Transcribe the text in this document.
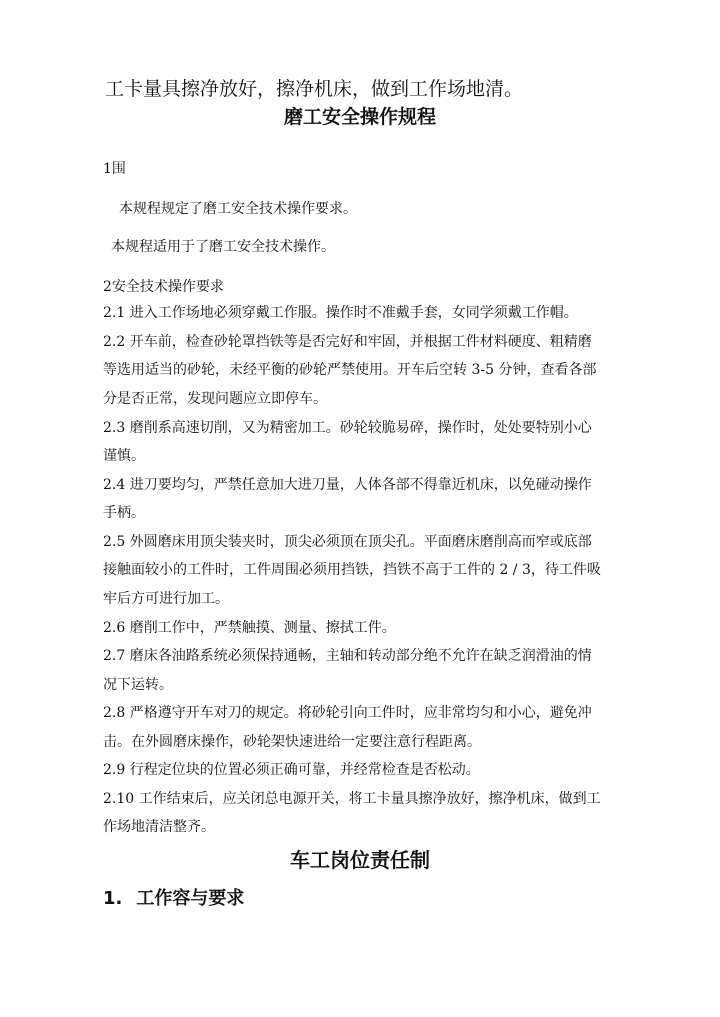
工卡量具擦净放好，擦净机床，做到工作场地清。
磨工安全操作规程
1围
本规程规定了磨工安全技术操作要求。
本规程适用于了磨工安全技术操作。
2安全技术操作要求
2.1 进入工作场地必须穿戴工作服。操作时不准戴手套，女同学须戴工作帽。
2.2 开车前，检查砂轮罩挡铁等是否完好和牢固，并根据工件材料硬度、粗精磨
等选用适当的砂轮，未经平衡的砂轮严禁使用。开车后空转 3-5 分钟，查看各部
分是否正常，发现问题应立即停车。
2.3 磨削系高速切削，又为精密加工。砂轮较脆易碎，操作时，处处要特别小心
谨慎。
2.4 进刀要均匀，严禁任意加大进刀量，人体各部不得靠近机床，以免碰动操作
手柄。
2.5 外圆磨床用顶尖装夹时，顶尖必须顶在顶尖孔。平面磨床磨削高而窄或底部
接触面较小的工件时，工件周围必须用挡铁，挡铁不高于工件的 2 / 3，待工件吸
牢后方可进行加工。
2.6 磨削工作中，严禁触摸、测量、擦拭工件。
2.7 磨床各油路系统必须保持通畅，主轴和转动部分绝不允许在缺乏润滑油的情
况下运转。
2.8 严格遵守开车对刀的规定。将砂轮引向工件时，应非常均匀和小心，避免冲
击。在外圆磨床操作，砂轮架快速进给一定要注意行程距离。
2.9 行程定位块的位置必须正确可靠，并经常检查是否松动。
2.10 工作结束后，应关闭总电源开关，将工卡量具擦净放好，擦净机床，做到工
作场地清洁整齐。
车工岗位责任制
1. 工作容与要求
